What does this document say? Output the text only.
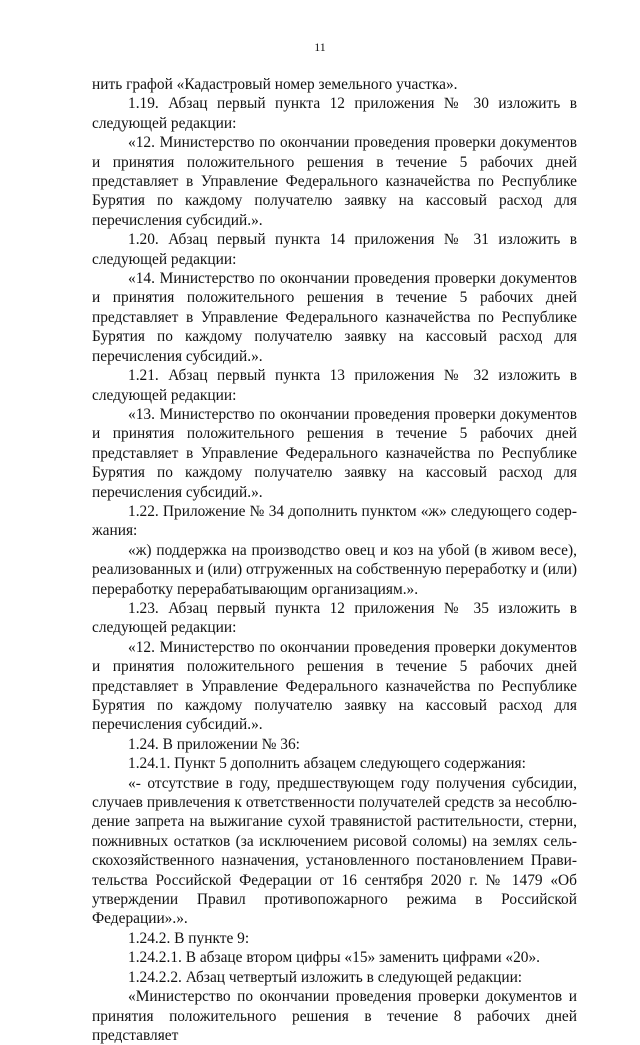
11

нить графой «Кадастровый номер земельного участка».

1.19. Абзац первый пункта 12 приложения № 30 изложить в следующей редакции:

«12. Министерство по окончании проведения проверки документов и принятия положительного решения в течение 5 рабочих дней представляет в Управление Федерального казначейства по Республике Бурятия по каждому получателю заявку на кассовый расход для перечисления субсидий.».

1.20. Абзац первый пункта 14 приложения № 31 изложить в следующей редакции:

«14. Министерство по окончании проведения проверки документов и принятия положительного решения в течение 5 рабочих дней представляет в Управление Федерального казначейства по Республике Бурятия по каждому получателю заявку на кассовый расход для перечисления субсидий.».

1.21. Абзац первый пункта 13 приложения № 32 изложить в следующей редакции:

«13. Министерство по окончании проведения проверки документов и принятия положительного решения в течение 5 рабочих дней представляет в Управление Федерального казначейства по Республике Бурятия по каждому получателю заявку на кассовый расход для перечисления субсидий.».

1.22. Приложение № 34 дополнить пунктом «ж» следующего содержания:

«ж) поддержка на производство овец и коз на убой (в живом весе), реализованных и (или) отгруженных на собственную переработку и (или) переработку перерабатывающим организациям.».

1.23. Абзац первый пункта 12 приложения № 35 изложить в следующей редакции:

«12. Министерство по окончании проведения проверки документов и принятия положительного решения в течение 5 рабочих дней представляет в Управление Федерального казначейства по Республике Бурятия по каждому получателю заявку на кассовый расход для перечисления субсидий.».

1.24. В приложении № 36:

1.24.1. Пункт 5 дополнить абзацем следующего содержания:

«- отсутствие в году, предшествующем году получения субсидии, случаев привлечения к ответственности получателей средств за несоблюдение запрета на выжигание сухой травянистой растительности, стерни, пожнивных остатков (за исключением рисовой соломы) на землях сельскохозяйственного назначения, установленного постановлением Правительства Российской Федерации от 16 сентября 2020 г. № 1479 «Об утверждении Правил противопожарного режима в Российской Федерации».».

1.24.2. В пункте 9:

1.24.2.1. В абзаце втором цифры «15» заменить цифрами «20».

1.24.2.2. Абзац четвертый изложить в следующей редакции:

«Министерство по окончании проведения проверки документов и принятия положительного решения в течение 8 рабочих дней представляет
